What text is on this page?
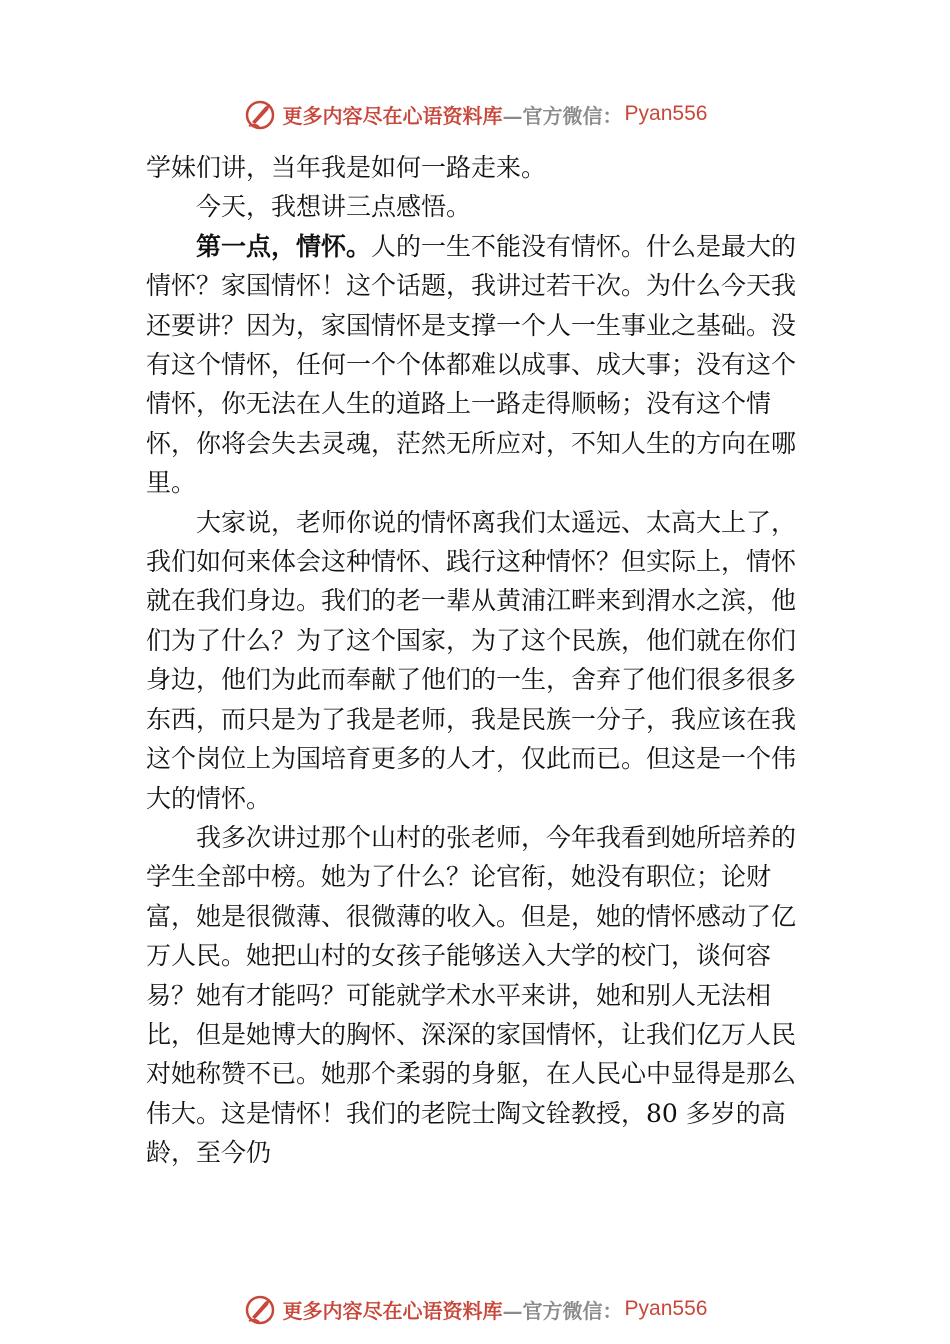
更多内容尽在心语资料库 —官方微信： Pyan556

学妹们讲，当年我是如何一路走来。

今天，我想讲三点感悟。

第一点，情怀。人的一生不能没有情怀。什么是最大的情怀？家国情怀！这个话题，我讲过若干次。为什么今天我还要讲？因为，家国情怀是支撑一个人一生事业之基础。没有这个情怀，任何一个个体都难以成事、成大事；没有这个情怀，你无法在人生的道路上一路走得顺畅；没有这个情怀，你将会失去灵魂，茫然无所应对，不知人生的方向在哪里。

大家说，老师你说的情怀离我们太遥远、太高大上了，我们如何来体会这种情怀、践行这种情怀？但实际上，情怀就在我们身边。我们的老一辈从黄浦江畔来到渭水之滨，他们为了什么？为了这个国家，为了这个民族，他们就在你们身边，他们为此而奉献了他们的一生，舍弃了他们很多很多东西，而只是为了我是老师，我是民族一分子，我应该在我这个岗位上为国培育更多的人才，仅此而已。但这是一个伟大的情怀。

我多次讲过那个山村的张老师，今年我看到她所培养的学生全部中榜。她为了什么？论官衔，她没有职位；论财富，她是很微薄、很微薄的收入。但是，她的情怀感动了亿万人民。她把山村的女孩子能够送入大学的校门，谈何容易？她有才能吗？可能就学术水平来讲，她和别人无法相比，但是她博大的胸怀、深深的家国情怀，让我们亿万人民对她称赞不已。她那个柔弱的身躯，在人民心中显得是那么伟大。这是情怀！我们的老院士陶文铨教授，80 多岁的高龄，至今仍

更多内容尽在心语资料库 —官方微信： Pyan556
